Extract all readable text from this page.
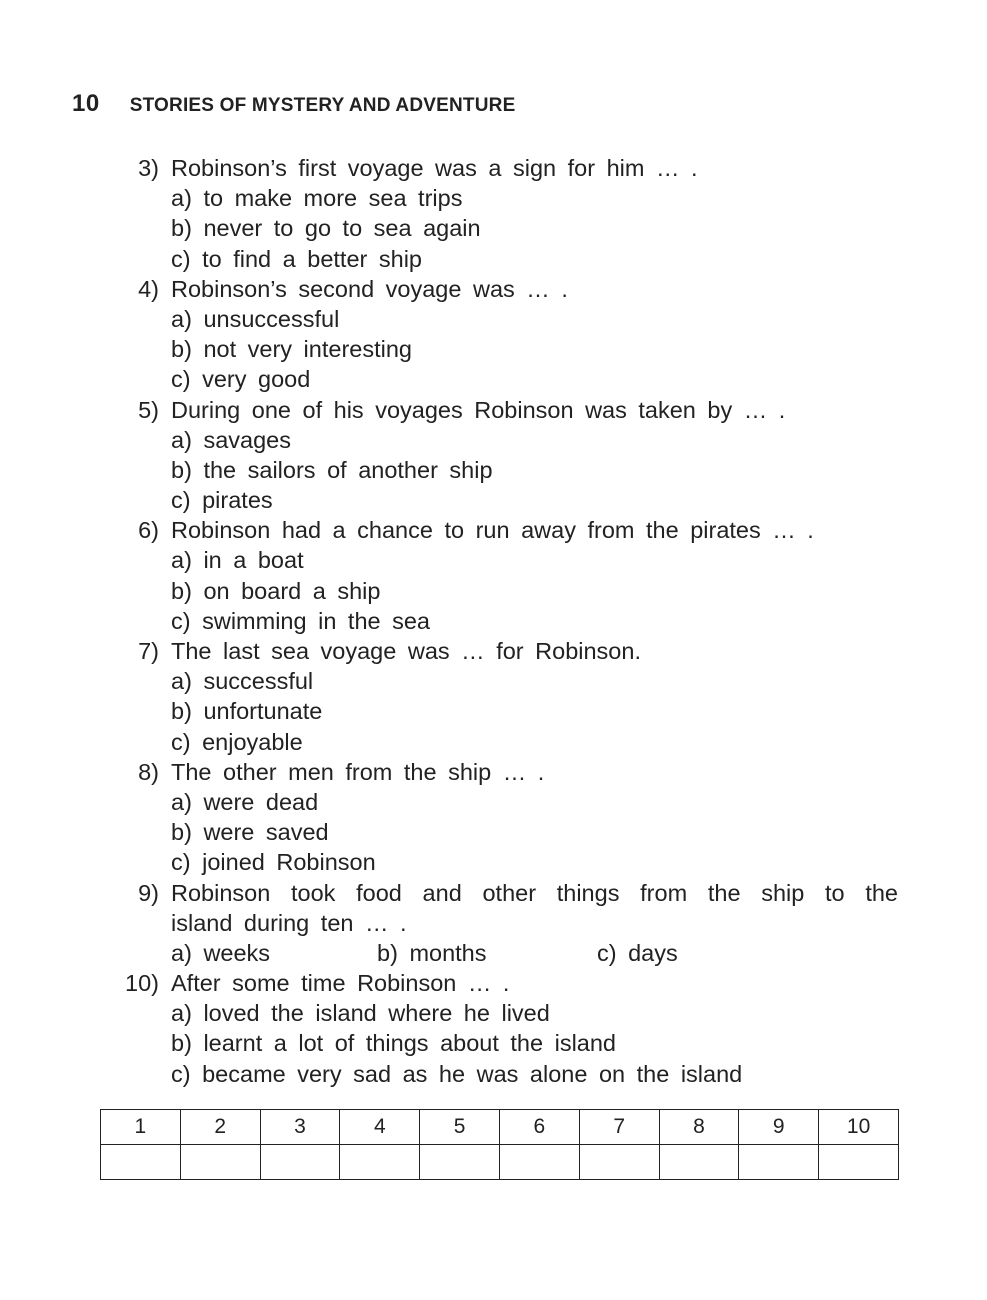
10 STORIES OF MYSTERY AND ADVENTURE
3) Robinson’s first voyage was a sign for him … .
a) to make more sea trips
b) never to go to sea again
c) to find a better ship
4) Robinson’s second voyage was … .
a) unsuccessful
b) not very interesting
c) very good
5) During one of his voyages Robinson was taken by … .
a) savages
b) the sailors of another ship
c) pirates
6) Robinson had a chance to run away from the pirates … .
a) in a boat
b) on board a ship
c) swimming in the sea
7) The last sea voyage was … for Robinson.
a) successful
b) unfortunate
c) enjoyable
8) The other men from the ship … .
a) were dead
b) were saved
c) joined Robinson
9) Robinson took food and other things from the ship to the
island during ten … .
a) weeks	b) months	c) days
10) After some time Robinson … .
a) loved the island where he lived
b) learnt a lot of things about the island
c) became very sad as he was alone on the island
1	2	3	4	5	6	7	8	9	10
